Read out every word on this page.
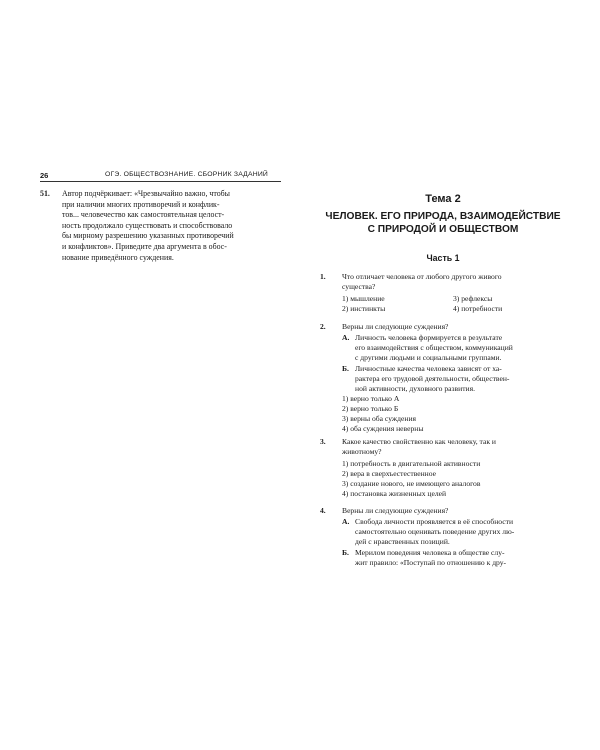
26	ОГЭ. ОБЩЕСТВОЗНАНИЕ. СБОРНИК ЗАДАНИЙ
51. Автор подчёркивает: «Чрезвычайно важно, чтобы
при наличии многих противоречий и конфлик-
тов... человечество как самостоятельная целост-
ность продолжало существовать и способствовало
бы мирному разрешению указанных противоречий
и конфликтов». Приведите два аргумента в обос-
нование приведённого суждения.
Тема 2
ЧЕЛОВЕК. ЕГО ПРИРОДА, ВЗАИМОДЕЙСТВИЕ
С ПРИРОДОЙ И ОБЩЕСТВОМ
Часть 1
1. Что отличает человека от любого другого живого
существа?
1) мышление	3) рефлексы
2) инстинкты	4) потребности
2. Верны ли следующие суждения?
А. Личность человека формируется в результате
его взаимодействия с обществом, коммуникаций
с другими людьми и социальными группами.
Б. Личностные качества человека зависят от ха-
рактера его трудовой деятельности, обществен-
ной активности, духовного развития.
1) верно только А
2) верно только Б
3) верны оба суждения
4) оба суждения неверны
3. Какое качество свойственно как человеку, так и
животному?
1) потребность в двигательной активности
2) вера в сверхъестественное
3) создание нового, не имеющего аналогов
4) постановка жизненных целей
4. Верны ли следующие суждения?
А. Свобода личности проявляется в её способности
самостоятельно оценивать поведение других лю-
дей с нравственных позиций.
Б. Мерилом поведения человека в обществе слу-
жит правило: «Поступай по отношению к дру-
